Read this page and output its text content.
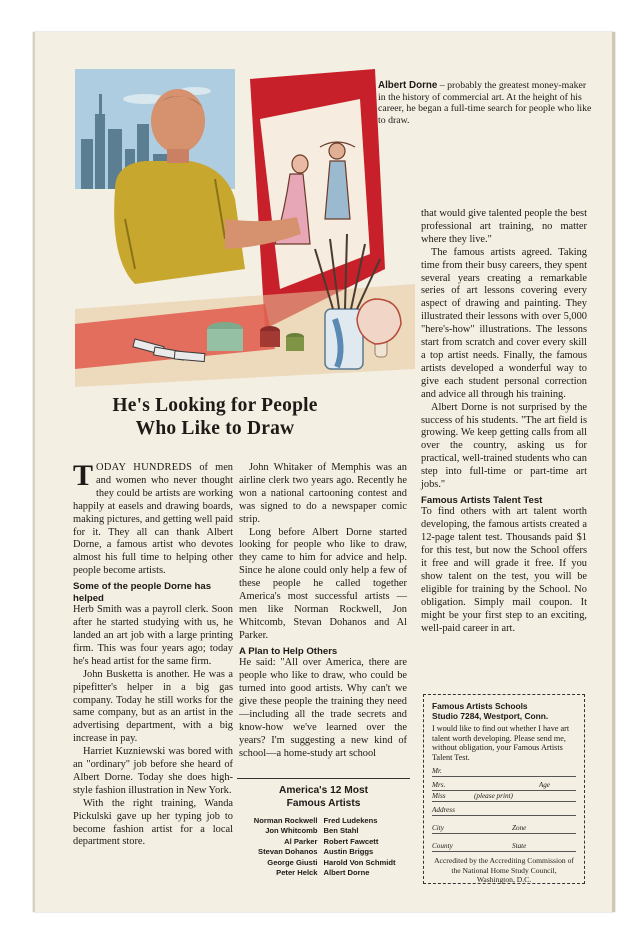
Albert Dorne – probably the greatest money-maker in the history of commercial art. At the height of his career, he began a full-time search for people who like to draw.
He's Looking for People
Who Like to Draw

TODAY HUNDREDS of men and women who never thought they could be artists are working happily at easels and drawing boards, making pictures, and getting well paid for it. They all can thank Albert Dorne, a famous artist who devotes almost his full time to helping other people become artists.

Some of the people Dorne has helped

Herb Smith was a payroll clerk. Soon after he started studying with us, he landed an art job with a large printing firm. This was four years ago; today he's head artist for the same firm.

John Busketta is another. He was a pipefitter's helper in a big gas company. Today he still works for the same company, but as an artist in the advertising department, with a big increase in pay.

Harriet Kuzniewski was bored with an "ordinary" job before she heard of Albert Dorne. Today she does high-style fashion illustration in New York.

With the right training, Wanda Pickulski gave up her typing job to become fashion artist for a local department store.

John Whitaker of Memphis was an airline clerk two years ago. Recently he won a national cartooning contest and was signed to do a newspaper comic strip.

Long before Albert Dorne started looking for people who like to draw, they came to him for advice and help. Since he alone could only help a few of these people he called together America's most successful artists —men like Norman Rockwell, Jon Whitcomb, Stevan Dohanos and Al Parker.

A Plan to Help Others

He said: "All over America, there are people who like to draw, who could be turned into good artists. Why can't we give these people the training they need—including all the trade secrets and know-how we've learned over the years? I'm suggesting a new kind of school—a home-study art school

America's 12 Most
Famous Artists
Norman Rockwell	Fred Ludekens
Jon Whitcomb	Ben Stahl
Al Parker	Robert Fawcett
Stevan Dohanos	Austin Briggs
George Giusti	Harold Von Schmidt
Peter Helck	Albert Dorne

that would give talented people the best professional art training, no matter where they live."

The famous artists agreed. Taking time from their busy careers, they spent several years creating a remarkable series of art lessons covering every aspect of drawing and painting. They illustrated their lessons with over 5,000 "here's-how" illustrations. The lessons start from scratch and cover every skill a top artist needs. Finally, the famous artists developed a wonderful way to give each student personal correction and advice all through his training.

Albert Dorne is not surprised by the success of his students. "The art field is growing. We keep getting calls from all over the country, asking us for practical, well-trained students who can step into full-time or part-time art jobs."

Famous Artists Talent Test

To find others with art talent worth developing, the famous artists created a 12-page talent test. Thousands paid $1 for this test, but now the School offers it free and will grade it free. If you show talent on the test, you will be eligible for training by the School. No obligation. Simply mail coupon. It might be your first step to an exciting, well-paid career in art.

Famous Artists Schools
Studio 7284, Westport, Conn.
I would like to find out whether I have art talent worth developing. Please send me, without obligation, your Famous Artists Talent Test.
Mr.
Mrs.	Age
Miss	(please print)
Address
City	Zone
County	State
Accredited by the Accrediting Commission of the National Home Study Council, Washington, D.C.
